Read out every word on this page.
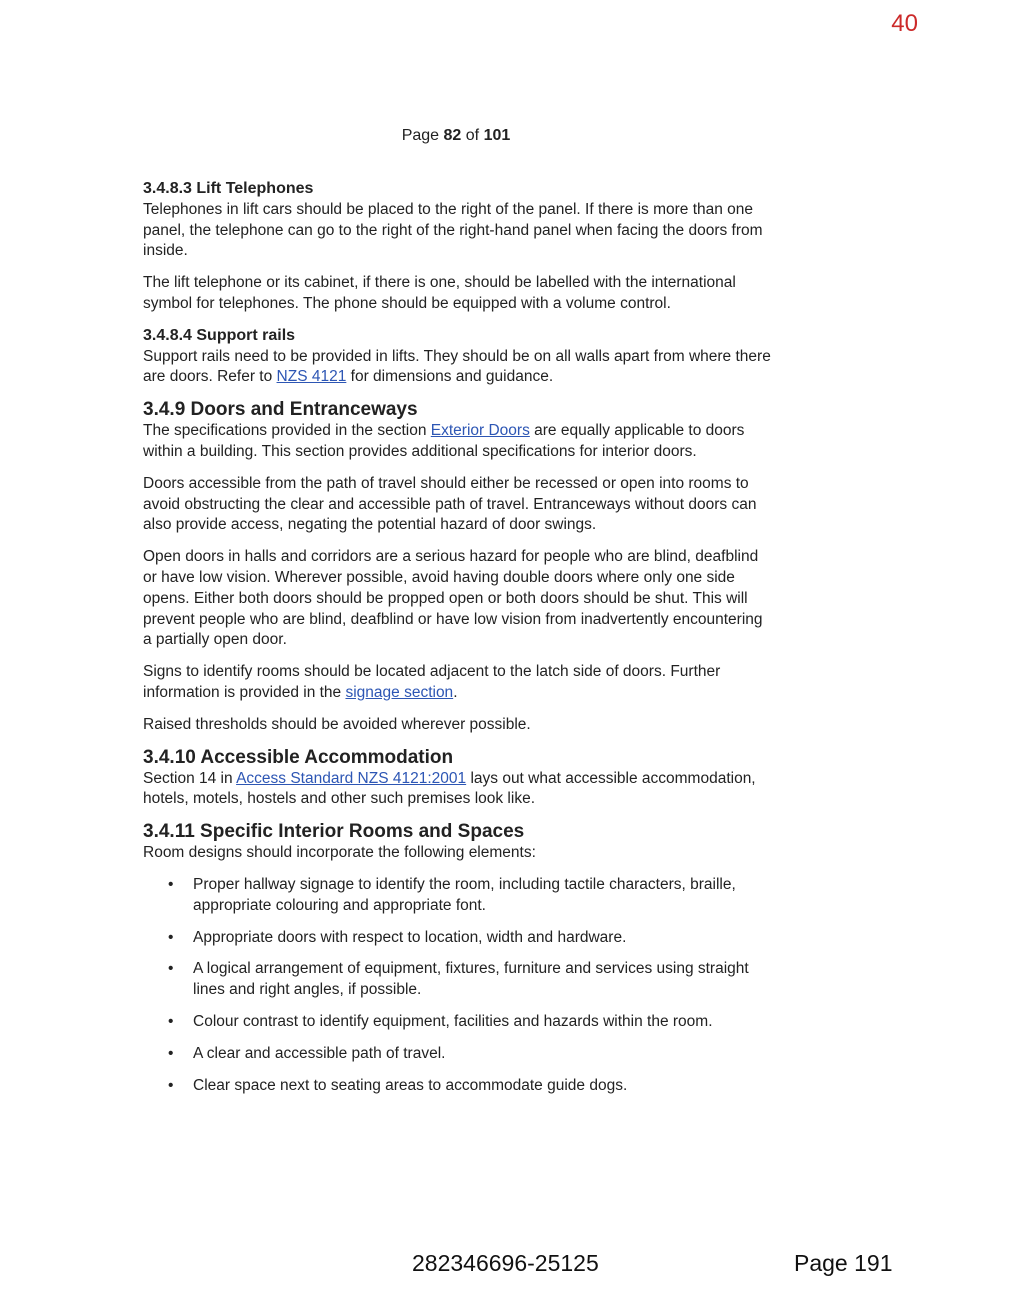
40
Page 82 of 101
3.4.8.3 Lift Telephones

Telephones in lift cars should be placed to the right of the panel. If there is more than one panel, the telephone can go to the right of the right-hand panel when facing the doors from inside.

The lift telephone or its cabinet, if there is one, should be labelled with the international symbol for telephones. The phone should be equipped with a volume control.

3.4.8.4 Support rails

Support rails need to be provided in lifts. They should be on all walls apart from where there are doors. Refer to NZS 4121 for dimensions and guidance.

3.4.9 Doors and Entranceways

The specifications provided in the section Exterior Doors are equally applicable to doors within a building. This section provides additional specifications for interior doors.

Doors accessible from the path of travel should either be recessed or open into rooms to avoid obstructing the clear and accessible path of travel. Entranceways without doors can also provide access, negating the potential hazard of door swings.

Open doors in halls and corridors are a serious hazard for people who are blind, deafblind or have low vision. Wherever possible, avoid having double doors where only one side opens. Either both doors should be propped open or both doors should be shut. This will prevent people who are blind, deafblind or have low vision from inadvertently encountering a partially open door.

Signs to identify rooms should be located adjacent to the latch side of doors. Further information is provided in the signage section.

Raised thresholds should be avoided wherever possible.

3.4.10 Accessible Accommodation

Section 14 in Access Standard NZS 4121:2001 lays out what accessible accommodation, hotels, motels, hostels and other such premises look like.

3.4.11 Specific Interior Rooms and Spaces

Room designs should incorporate the following elements:

• Proper hallway signage to identify the room, including tactile characters, braille, appropriate colouring and appropriate font.
• Appropriate doors with respect to location, width and hardware.
• A logical arrangement of equipment, fixtures, furniture and services using straight lines and right angles, if possible.
• Colour contrast to identify equipment, facilities and hazards within the room.
• A clear and accessible path of travel.
• Clear space next to seating areas to accommodate guide dogs.
282346696-25125	Page 191
